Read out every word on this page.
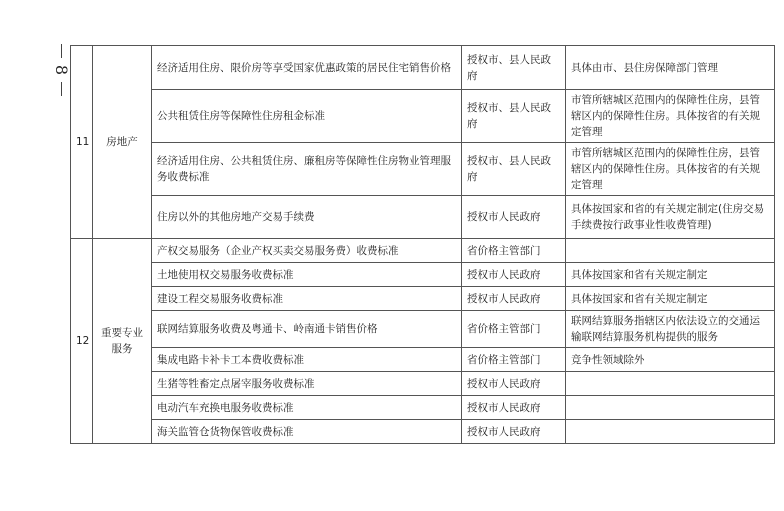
8
11	房地产	经济适用住房、限价房等享受国家优惠政策的居民住宅销售价格	授权市、县人民政府	具体由市、县住房保障部门管理
		公共租赁住房等保障性住房租金标准	授权市、县人民政府	市管所辖城区范围内的保障性住房，县管辖区内的保障性住房。具体按省的有关规定管理
		经济适用住房、公共租赁住房、廉租房等保障性住房物业管理服务收费标准	授权市、县人民政府	市管所辖城区范围内的保障性住房，县管辖区内的保障性住房。具体按省的有关规定管理
		住房以外的其他房地产交易手续费	授权市人民政府	具体按国家和省的有关规定制定(住房交易手续费按行政事业性收费管理)
12	重要专业服务	产权交易服务（企业产权买卖交易服务费）收费标准	省价格主管部门	
		土地使用权交易服务收费标准	授权市人民政府	具体按国家和省有关规定制定
		建设工程交易服务收费标准	授权市人民政府	具体按国家和省有关规定制定
		联网结算服务收费及粤通卡、岭南通卡销售价格	省价格主管部门	联网结算服务指辖区内依法设立的交通运输联网结算服务机构提供的服务
		集成电路卡补卡工本费收费标准	省价格主管部门	竞争性领域除外
		生猪等牲畜定点屠宰服务收费标准	授权市人民政府	
		电动汽车充换电服务收费标准	授权市人民政府	
		海关监管仓货物保管收费标准	授权市人民政府	
